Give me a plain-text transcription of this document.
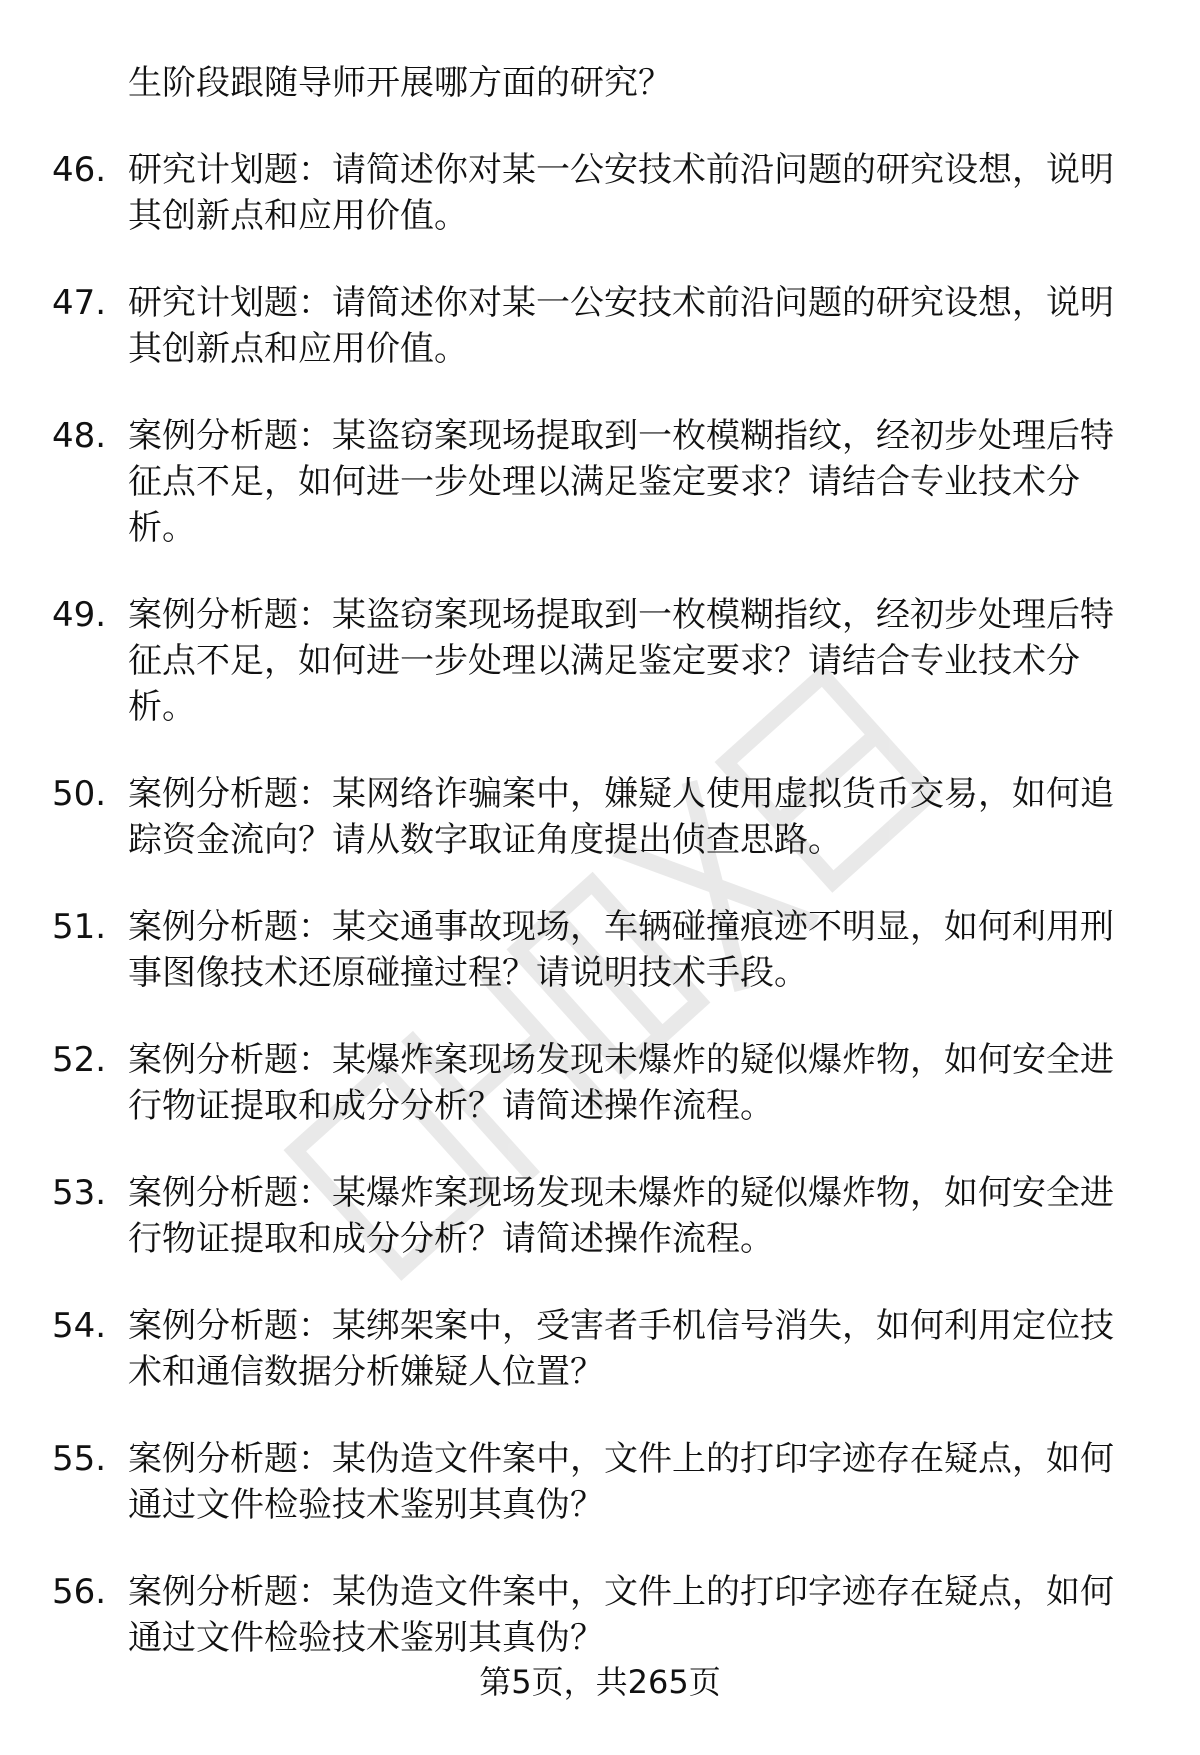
生阶段跟随导师开展哪方面的研究？
46. 研究计划题：请简述你对某一公安技术前沿问题的研究设想，说明其创新点和应用价值。
47. 研究计划题：请简述你对某一公安技术前沿问题的研究设想，说明其创新点和应用价值。
48. 案例分析题：某盗窃案现场提取到一枚模糊指纹，经初步处理后特征点不足，如何进一步处理以满足鉴定要求？请结合专业技术分析。
49. 案例分析题：某盗窃案现场提取到一枚模糊指纹，经初步处理后特征点不足，如何进一步处理以满足鉴定要求？请结合专业技术分析。
50. 案例分析题：某网络诈骗案中，嫌疑人使用虚拟货币交易，如何追踪资金流向？请从数字取证角度提出侦查思路。
51. 案例分析题：某交通事故现场，车辆碰撞痕迹不明显，如何利用刑事图像技术还原碰撞过程？请说明技术手段。
52. 案例分析题：某爆炸案现场发现未爆炸的疑似爆炸物，如何安全进行物证提取和成分分析？请简述操作流程。
53. 案例分析题：某爆炸案现场发现未爆炸的疑似爆炸物，如何安全进行物证提取和成分分析？请简述操作流程。
54. 案例分析题：某绑架案中，受害者手机信号消失，如何利用定位技术和通信数据分析嫌疑人位置？
55. 案例分析题：某伪造文件案中，文件上的打印字迹存在疑点，如何通过文件检验技术鉴别其真伪？
56. 案例分析题：某伪造文件案中，文件上的打印字迹存在疑点，如何通过文件检验技术鉴别其真伪？
第5页，共265页
